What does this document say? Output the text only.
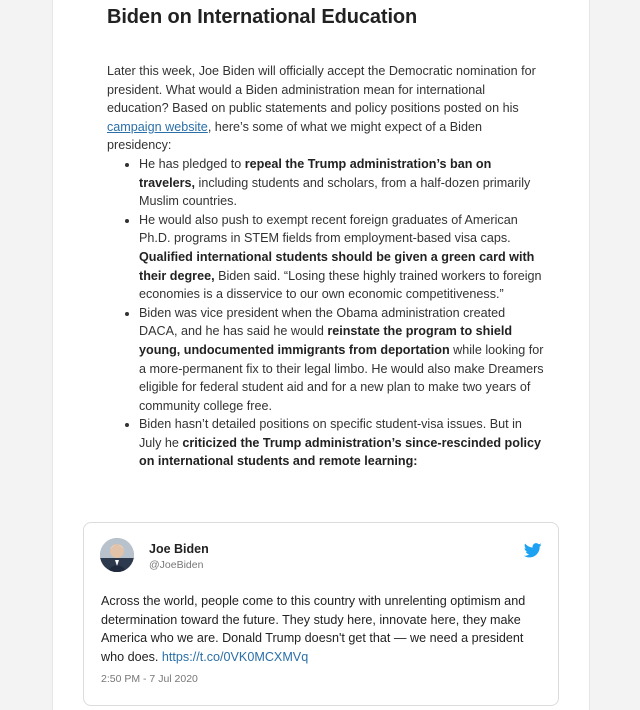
Biden on International Education

Later this week, Joe Biden will officially accept the Democratic nomination for president. What would a Biden administration mean for international education? Based on public statements and policy positions posted on his campaign website, here’s some of what we might expect of a Biden presidency:

• He has pledged to repeal the Trump administration’s ban on travelers, including students and scholars, from a half-dozen primarily Muslim countries.
• He would also push to exempt recent foreign graduates of American Ph.D. programs in STEM fields from employment-based visa caps. Qualified international students should be given a green card with their degree, Biden said. “Losing these highly trained workers to foreign economies is a disservice to our own economic competitiveness.”
• Biden was vice president when the Obama administration created DACA, and he has said he would reinstate the program to shield young, undocumented immigrants from deportation while looking for a more-permanent fix to their legal limbo. He would also make Dreamers eligible for federal student aid and for a new plan to make two years of community college free.
• Biden hasn’t detailed positions on specific student-visa issues. But in July he criticized the Trump administration’s since-rescinded policy on international students and remote learning:
Joe Biden
@JoeBiden
Across the world, people come to this country with unrelenting optimism and determination toward the future. They study here, innovate here, they make America who we are. Donald Trump doesn't get that — we need a president who does. https://t.co/0VK0MCXMVq
2:50 PM - 7 Jul 2020
